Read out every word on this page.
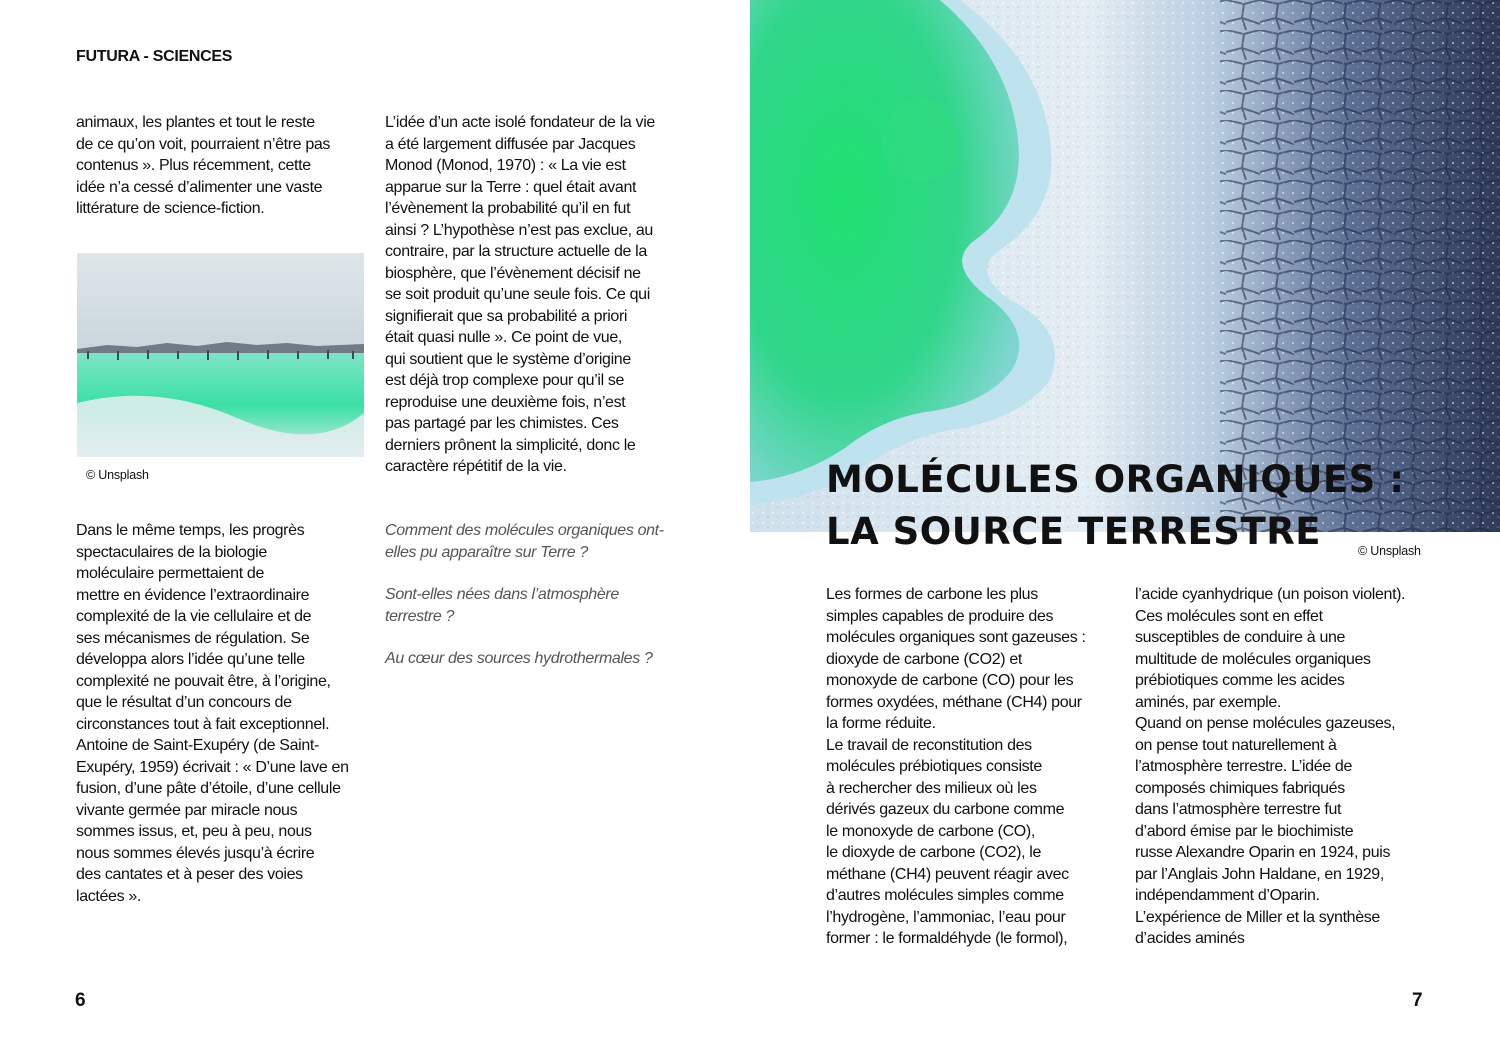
FUTURA - SCIENCES

animaux, les plantes et tout le reste
de ce qu’on voit, pourraient n’être pas
contenus ». Plus récemment, cette
idée n’a cessé d’alimenter une vaste
littérature de science-fiction.

© Unsplash

Dans le même temps, les progrès
spectaculaires de la biologie
moléculaire permettaient de
mettre en évidence l’extraordinaire
complexité de la vie cellulaire et de
ses mécanismes de régulation. Se
développa alors l’idée qu’une telle
complexité ne pouvait être, à l’origine,
que le résultat d’un concours de
circonstances tout à fait exceptionnel.
Antoine de Saint-Exupéry (de Saint-
Exupéry, 1959) écrivait : « D’une lave en
fusion, d’une pâte d’étoile, d’une cellule
vivante germée par miracle nous
sommes issus, et, peu à peu, nous
nous sommes élevés jusqu’à écrire
des cantates et à peser des voies
lactées ».

L’idée d’un acte isolé fondateur de la vie
a été largement diffusée par Jacques
Monod (Monod, 1970) : « La vie est
apparue sur la Terre : quel était avant
l’évènement la probabilité qu’il en fut
ainsi ? L’hypothèse n’est pas exclue, au
contraire, par la structure actuelle de la
biosphère, que l’évènement décisif ne
se soit produit qu’une seule fois. Ce qui
signifierait que sa probabilité a priori
était quasi nulle ». Ce point de vue,
qui soutient que le système d’origine
est déjà trop complexe pour qu’il se
reproduise une deuxième fois, n’est
pas partagé par les chimistes. Ces
derniers prônent la simplicité, donc le
caractère répétitif de la vie.

Comment des molécules organiques ont-
elles pu apparaître sur Terre ?

Sont-elles nées dans l’atmosphère
terrestre ?

Au cœur des sources hydrothermales ?

6

MOLÉCULES ORGANIQUES :
LA SOURCE TERRESTRE	© Unsplash

Les formes de carbone les plus
simples capables de produire des
molécules organiques sont gazeuses :
dioxyde de carbone (CO2) et
monoxyde de carbone (CO) pour les
formes oxydées, méthane (CH4) pour
la forme réduite.
Le travail de reconstitution des
molécules prébiotiques consiste
à rechercher des milieux où les
dérivés gazeux du carbone comme
le monoxyde de carbone (CO),
le dioxyde de carbone (CO2), le
méthane (CH4) peuvent réagir avec
d’autres molécules simples comme
l’hydrogène, l’ammoniac, l’eau pour
former : le formaldéhyde (le formol),

l’acide cyanhydrique (un poison violent).
Ces molécules sont en effet
susceptibles de conduire à une
multitude de molécules organiques
prébiotiques comme les acides
aminés, par exemple.
Quand on pense molécules gazeuses,
on pense tout naturellement à
l’atmosphère terrestre. L’idée de
composés chimiques fabriqués
dans l’atmosphère terrestre fut
d’abord émise par le biochimiste
russe Alexandre Oparin en 1924, puis
par l’Anglais John Haldane, en 1929,
indépendamment d’Oparin.
L’expérience de Miller et la synthèse
d’acides aminés

7
